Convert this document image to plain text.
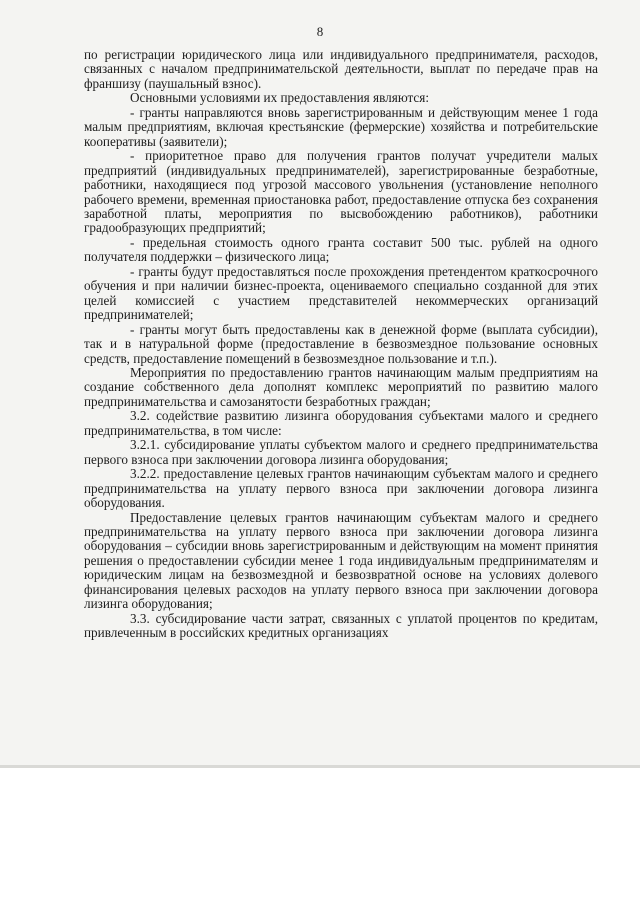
8

по регистрации юридического лица или индивидуального предпринимателя, расходов, связанных с началом предпринимательской деятельности, выплат по передаче прав на франшизу (паушальный взнос).

Основными условиями их предоставления являются:

- гранты направляются вновь зарегистрированным и действующим менее 1 года малым предприятиям, включая крестьянские (фермерские) хозяйства и потребительские кооперативы (заявители);

- приоритетное право для получения грантов получат учредители малых предприятий (индивидуальных предпринимателей), зарегистрированные безработные, работники, находящиеся под угрозой массового увольнения (установление неполного рабочего времени, временная приостановка работ, предоставление отпуска без сохранения заработной платы, мероприятия по высвобождению работников), работники градообразующих предприятий;

- предельная стоимость одного гранта составит 500 тыс. рублей на одного получателя поддержки – физического лица;

- гранты будут предоставляться после прохождения претендентом краткосрочного обучения и при наличии бизнес-проекта, оцениваемого специально созданной для этих целей комиссией с участием представителей некоммерческих организаций предпринимателей;

- гранты могут быть предоставлены как в денежной форме (выплата субсидии), так и в натуральной форме (предоставление в безвозмездное пользование основных средств, предоставление помещений в безвозмездное пользование и т.п.).

Мероприятия по предоставлению грантов начинающим малым предприятиям на создание собственного дела дополнят комплекс мероприятий по развитию малого предпринимательства и самозанятости безработных граждан;

3.2. содействие развитию лизинга оборудования субъектами малого и среднего предпринимательства, в том числе:

3.2.1. субсидирование уплаты субъектом малого и среднего предпринимательства первого взноса при заключении договора лизинга оборудования;

3.2.2. предоставление целевых грантов начинающим субъектам малого и среднего предпринимательства на уплату первого взноса при заключении договора лизинга оборудования.

Предоставление целевых грантов начинающим субъектам малого и среднего предпринимательства на уплату первого взноса при заключении договора лизинга оборудования – субсидии вновь зарегистрированным и действующим на момент принятия решения о предоставлении субсидии менее 1 года индивидуальным предпринимателям и юридическим лицам на безвозмездной и безвозвратной основе на условиях долевого финансирования целевых расходов на уплату первого взноса при заключении договора лизинга оборудования;

3.3. субсидирование части затрат, связанных с уплатой процентов по кредитам, привлеченным в российских кредитных организациях
